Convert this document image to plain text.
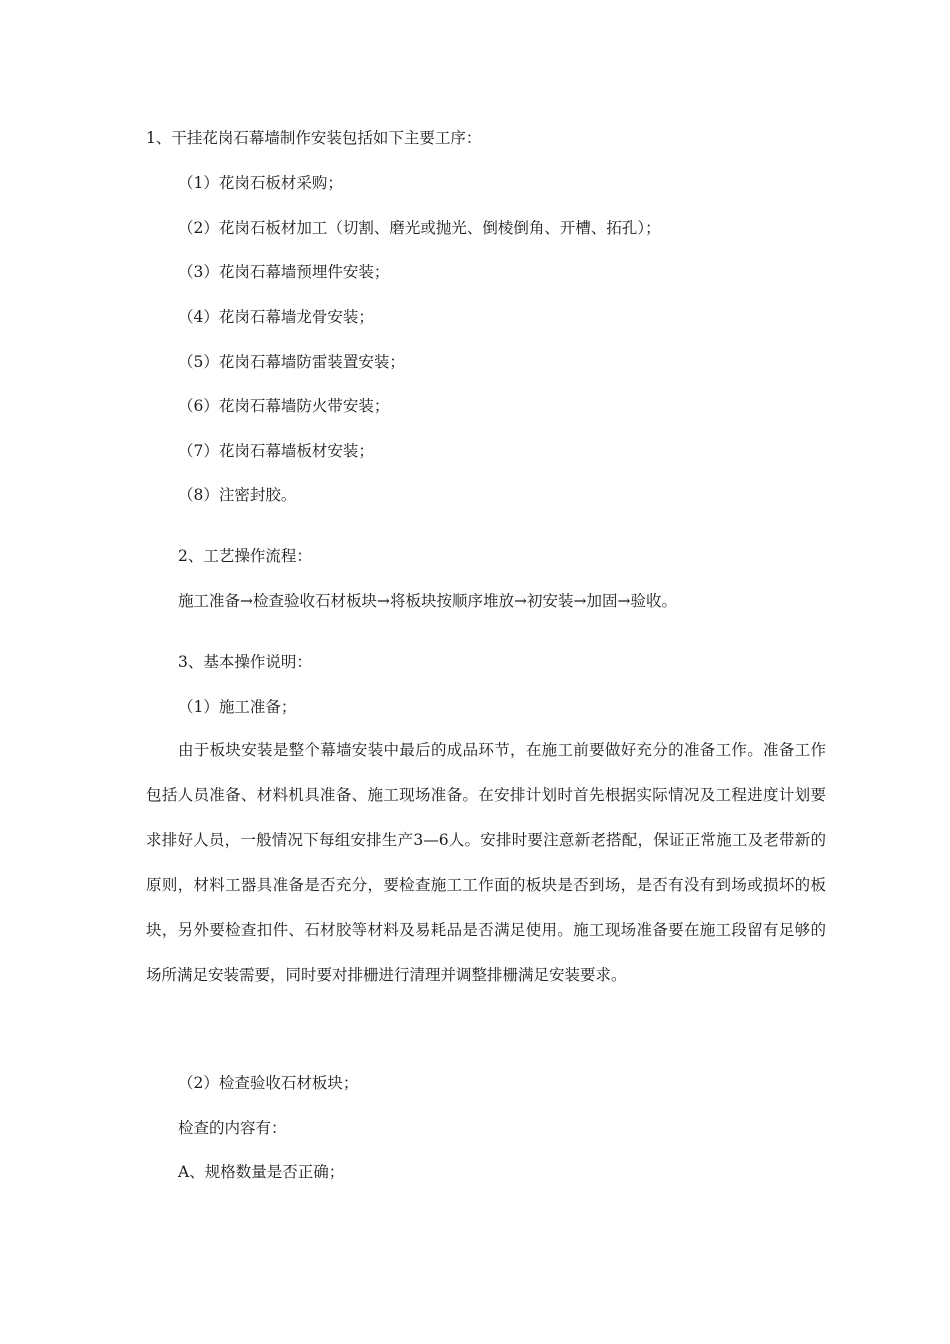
1、干挂花岗石幕墙制作安装包括如下主要工序：
（1）花岗石板材采购；
（2）花岗石板材加工（切割、磨光或抛光、倒棱倒角、开槽、拓孔）；
（3）花岗石幕墙预埋件安装；
（4）花岗石幕墙龙骨安装；
（5）花岗石幕墙防雷装置安装；
（6）花岗石幕墙防火带安装；
（7）花岗石幕墙板材安装；
（8）注密封胶。
2、工艺操作流程：
施工准备→检查验收石材板块→将板块按顺序堆放→初安装→加固→验收。
3、基本操作说明：
（1）施工准备；
由于板块安装是整个幕墙安装中最后的成品环节，在施工前要做好充分的准备工作。准备工作包括人员准备、材料机具准备、施工现场准备。在安排计划时首先根据实际情况及工程进度计划要求排好人员，一般情况下每组安排生产3—6人。安排时要注意新老搭配，保证正常施工及老带新的原则，材料工器具准备是否充分，要检查施工工作面的板块是否到场，是否有没有到场或损坏的板块，另外要检查扣件、石材胶等材料及易耗品是否满足使用。施工现场准备要在施工段留有足够的场所满足安装需要，同时要对排栅进行清理并调整排栅满足安装要求。
（2）检查验收石材板块；
检查的内容有：
A、规格数量是否正确；
